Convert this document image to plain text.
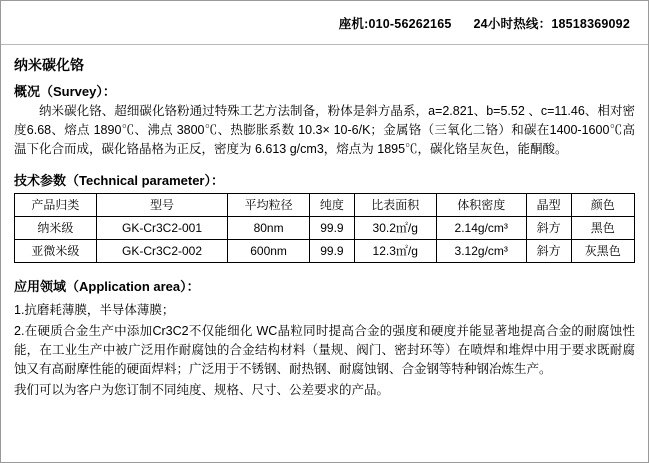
座机:010-56262165 24小时热线：18518369092
纳米碳化铬
概况（Survey）：

纳米碳化铬、超细碳化铬粉通过特殊工艺方法制备，粉体是斜方晶系，a=2.821、b=5.52 、c=11.46、相对密度6.68、熔点 1890℃、沸点 3800℃、热膨胀系数 10.3× 10-6/K；金属铬（三氧化二铬）和碳在1400-1600℃高温下化合而成，碳化铬晶格为正反，密度为 6.613 g/cm3，熔点为 1895℃，碳化铬呈灰色，能酮酸。

技术参数（Technical parameter）：
产品归类	型号	平均粒径	纯度	比表面积	体积密度	晶型	颜色
纳米级	GK-Cr3C2-001	80nm	99.9	30.2㎡/g	2.14g/cm³	斜方	黑色
亚微米级	GK-Cr3C2-002	600nm	99.9	12.3㎡/g	3.12g/cm³	斜方	灰黑色
应用领域（Application area）：

1.抗磨耗薄膜，半导体薄膜；

2.在硬质合金生产中添加Cr3C2不仅能细化 WC晶粒同时提高合金的强度和硬度并能显著地提高合金的耐腐蚀性能，在工业生产中被广泛用作耐腐蚀的合金结构材料（量规、阀门、密封环等）在喷焊和堆焊中用于要求既耐腐蚀又有高耐摩性能的硬面焊料；广泛用于不锈钢、耐热钢、耐腐蚀钢、合金钢等特种钢冶炼生产。

我们可以为客户为您订制不同纯度、规格、尺寸、公差要求的产品。
